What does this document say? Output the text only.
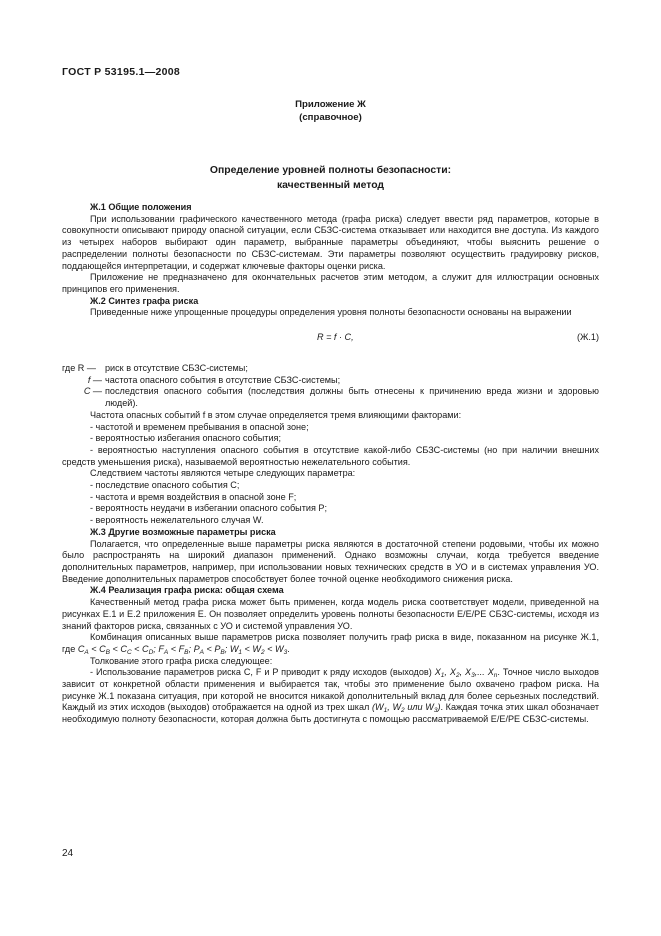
ГОСТ Р 53195.1—2008
Приложение Ж
(справочное)
Определение уровней полноты безопасности:
качественный метод

Ж.1 Общие положения

При использовании графического качественного метода (графа риска) следует ввести ряд параметров, которые в совокупности описывают природу опасной ситуации, если СБЗС-система отказывает или находится вне доступа. Из каждого из четырех наборов выбирают один параметр, выбранные параметры объединяют, чтобы выяснить решение о распределении полноты безопасности по СБЗС-системам. Эти параметры позволяют осуществить градуировку рисков, поддающейся интерпретации, и содержат ключевые факторы оценки риска.

Приложение не предназначено для окончательных расчетов этим методом, а служит для иллюстрации основных принципов его применения.

Ж.2 Синтез графа риска

Приведенные ниже упрощенные процедуры определения уровня полноты безопасности основаны на выражении

R = f · C,	(Ж.1)
где R — риск в отсутствие СБЗС-системы;
f — частота опасного события в отсутствие СБЗС-системы;
C — последствия опасного события (последствия должны быть отнесены к причинению вреда жизни и здоровью людей).

Частота опасных событий f в этом случае определяется тремя влияющими факторами:

- частотой и временем пребывания в опасной зоне;

- вероятностью избегания опасного события;

- вероятностью наступления опасного события в отсутствие какой-либо СБЗС-системы (но при наличии внешних средств уменьшения риска), называемой вероятностью нежелательного события.

Следствием частоты являются четыре следующих параметра:

- последствие опасного события C;

- частота и время воздействия в опасной зоне F;

- вероятность неудачи в избегании опасного события P;

- вероятность нежелательного случая W.

Ж.3 Другие возможные параметры риска

Полагается, что определенные выше параметры риска являются в достаточной степени родовыми, чтобы их можно было распространять на широкий диапазон применений. Однако возможны случаи, когда требуется введение дополнительных параметров, например, при использовании новых технических средств в УО и в системах управления УО. Введение дополнительных параметров способствует более точной оценке необходимого снижения риска.

Ж.4 Реализация графа риска: общая схема

Качественный метод графа риска может быть применен, когда модель риска соответствует модели, приведенной на рисунках Е.1 и Е.2 приложения Е. Он позволяет определить уровень полноты безопасности Е/Е/РЕ СБЗС-системы, исходя из знаний факторов риска, связанных с УО и системой управления УО.

Комбинация описанных выше параметров риска позволяет получить граф риска в виде, показанном на рисунке Ж.1, где $C_A < C_B < C_C < C_D$; $F_A < F_B$; $P_A < P_B$; $W_1 < W_2 < W_3$.

Толкование этого графа риска следующее:

- Использование параметров риска C, F и P приводит к ряду исходов (выходов) $X_1$, $X_2$, $X_3$,... $X_n$. Точное число выходов зависит от конкретной области применения и выбирается так, чтобы это применение было охвачено графом риска. На рисунке Ж.1 показана ситуация, при которой не вносится никакой дополнительный вклад для более серьезных последствий. Каждый из этих исходов (выходов) отображается на одной из трех шкал ($W_1$, $W_2$ или $W_3$). Каждая точка этих шкал обозначает необходимую полноту безопасности, которая должна быть достигнута с помощью рассматриваемой Е/Е/РЕ СБЗС-системы.

24
